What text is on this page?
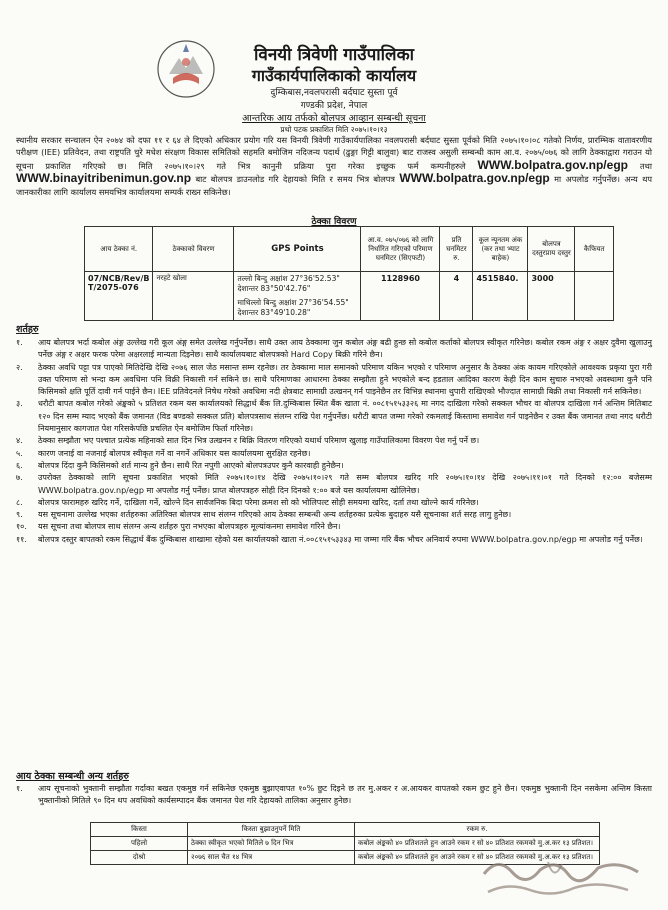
विनयी त्रिवेणी गाउँपालिका
गाउँकार्यपालिकाको कार्यालय
दुम्किबास,नवलपरासी बर्दघाट सुस्ता पूर्व
गण्डकी प्रदेश, नेपाल
आन्तरिक आय तर्फको बोलपत्र आव्हान सम्बन्धी सूचना
प्रथो पटक प्रकाशित मिति २०७५।१०।१३
स्थानीय सरकार सन्चालन ऐन २०७४ को दफा ११ र ६४ ले दिएको अधिकार प्रयोग गरि यस विनयी त्रिवेणी गाउँकार्यपालिका नवलपरासी बर्दघाट सुस्ता पूर्वको मिति २०७५।१०।०८ गतेको निर्णय, प्रारम्भिक वातावरणीय परीक्षण (IEE) प्रतिवेदन, तथा राष्ट्रपति चुरे मधेश संरक्षण विकास समितिको सहमति बमोजिम नदिजन्य पदार्थ (ढुङ्गा गिट्टी बालुवा) बाट राजस्व असुली सम्बन्धी काम आ.व. २०७५/०७६ को लागि ठेक्काद्वारा गराउन यो सूचना प्रकाशित गरिएको छ। मिति २०७५।१०।२९ गते भित्र कानुनी प्रक्रिया पुरा गरेका इच्छुक फर्म कम्पनीहरुले WWW.bolpatra.gov.np/egp तथा WWW.binayitribenimun.gov.np बाट बोलपत्र डाउनलोड गरि देहायको मिति र समय भित्र बोलपत्र WWW.bolpatra.gov.np/egp मा अपलोड गर्नुपर्नेछ। अन्य थप जानकारीका लागि कार्यालय समयभित्र कार्यालयमा सम्पर्क राख्न सकिनेछ।
ठेक्का विवरण
आय ठेक्का नं.	ठेक्काको विवरण	GPS Points	आ.व. ०७५/०७६ को लागि निर्धारित गरिएको परिमाण घनमिटर (सिएफटी)	प्रति घनमिटर रु.	कूल न्यूनतम अंक (कर तथा भ्याट बाहेक)	बोलपत्र दस्तुरप्राय दस्तुर	कैफियत
07/NCB/Rev/B T/2075-076	नरहटे खोला	तल्लो बिन्दु अक्षांश 27°36'52.53" देशान्तर 83°50'42.76"
माथिल्लो बिन्दु अक्षांश 27°36'54.55" देशान्तर 83°49'10.28"	1128960	4	4515840.	3000	
शर्तहरु
१.	आय बोलपत्र भर्दा कबोल अंङ्ग उल्लेख गरी कूल अंङ्ग समेत उल्लेख गर्नुपर्नेछ। साथै उक्त आय ठेक्कामा जुन कबोल अंङ्ग बढी हुन्छ सो कबोल कर्ताको बोलपत्र स्वीकृत गरिनेछ। कबोल रकम अंङ्ग र अक्षर दुवैमा खुलाउनु पर्नेछ अंङ्ग र अक्षर फरक परेमा अक्षरलाई मान्यता दिइनेछ। साथै कार्यालयबाट बोलपत्रको Hard Copy बिक्री गरिने छैन।
२.	ठेक्का अवधि पट्टा पत्र पाएको मितिदेखि देखि २०७६ साल जेठ मसान्त सम्म रहनेछ। तर ठेक्कामा माल समानको परिमाण यकिन भएको र परिमाण अनुसार कै ठेक्का अंक कायम गरिएकोले आवश्यक प्रकृया पुरा गरी उक्त परिमाण सो भन्दा कम अवधिमा पनि विक्री निकासी गर्न सकिने छ। साथै परिमाणका आधारमा ठेक्का सम्झौता हुने भएकोले बन्द हडताल आदिका कारण केही दिन काम सुचारु नभएको अवस्थामा कुनै पनि किसिमको क्षति पूर्ति दावी गर्न पाईने छैन। IEE प्रतिवेदनले निषेध गरेको अवधिमा नदी क्षेत्रबाट सामाग्री उत्खनन् गर्न पाइनेछैन तर विभिन्न स्थानमा थुपारी राखिएको भौज्दात सामाग्री बिक्री तथा निकासी गर्न सकिनेछ।
३.	धरौटी बापत कबोल गरेको अंङ्कको ५ प्रतिशत रकम यस कार्यालयको सिद्धार्थ बैंक लि.दुम्किबास स्थित बैंक खाता नं. ००८१५१५३३२६ मा नगद दाखिला गरेको सक्कल भौचर वा बोलपत्र दाखिला गर्न अन्तिम मितिबाट १२० दिन सम्म म्याद भएको बैंक जमानत (विड बण्डको सक्कल प्रति) बोलपत्रसाथ संलग्न राखि पेश गर्नुपर्नेछ। धरौटी बापत जम्मा गरेको रकमलाई किस्तामा समावेश गर्न पाइनेछैन र उक्त बैंक जमानत तथा नगद धरौटी नियमानुसार कागजात पेश गरिसकेपछि प्रचलित ऐन बमोजिम फिर्ता गरिनेछ।
४.	ठेक्का सम्झौता भए पश्चात प्रत्येक महिनाको सात दिन भित्र उत्खनन र बिक्रि वितरण गरिएको यथार्थ परिमाण खुलाइ गाउँपालिकामा विवरण पेश गर्नु पर्ने छ।
५.	कारण जनाई वा नजनाई बोलपत्र स्वीकृत गर्ने वा नगर्ने अधिकार यस कार्यालयमा सुरक्षित रहनेछ।
६.	बोलपत्र दिंदा कुनै किसिमको शर्त मान्य हुने छैन। साथै रित नपुगी आएको बोलपत्रउपर कुनै कारवाही हुनेछैन।
७.	उपरोक्त ठेक्काको लागि सूचना प्रकाशित भएको मिति २०७५।१०।१४ देखि २०७५।१०।२९ गते सम्म बोलपत्र खरिद गरि २०७५।१०।१४ देखि २०७५।११।०१ गते दिनको १२:०० बजेसम्म WWW.bolpatra.gov.np/egp मा अपलोड गर्नु पर्नेछ। प्राप्त बोलपत्रहरु सोही दिन दिनको १:०० बजे यस कार्यालयमा खोलिनेछ।
८.	बोलपत्र फारामहरु खरिद गर्ने, दाखिला गर्ने, खोल्ने दिन सार्वजनिक बिदा परेमा क्रमश सो को भोलिपल्ट सोही समयमा खरिद, दर्ता तथा खोल्ने कार्य गरिनेछ।
९.	यस सूचनामा उल्लेख भएका शर्तहरुका अतिरिक्त बोलपत्र साथ संलग्न गरिएको आय ठेक्का सम्बन्धी अन्य शर्तहरुका प्रत्येक बुदाहरु यसै सूचनाका शर्त सरह लागु हुनेछ।
१०.	यस सूचना तथा बोलपत्र साथ संलग्न अन्य शर्तहरु पुरा नभएका बोलपत्रहरु मूल्यांकनमा समावेश गरिने छैन।
११.	बोलपत्र दस्तुर बापतको रकम सिद्धार्थ बैंक दुम्किबास शाखामा रहेको यस कार्यालयको खाता नं.००८१५१५३३४३ मा जम्मा गरि बैंक भौचर अनिवार्य रुपमा WWW.bolpatra.gov.np/egp मा अपलोड गर्नु पर्नेछ।
आय ठेक्का सम्बन्धी अन्य शर्तहरु
१.	आय सूचनाको भुक्तानी सम्झौता गर्दाका बखत एकमुष्ठ गर्न सकिनेछ एकमुष्ठ बुझाएवापत १०% छुट दिइने छ तर मु.अकर र अ.आयकर वापतको रकम छुट हुने छैन। एकमुष्ठ भुक्तानी दिन नसकेमा अन्तिम किस्ता भुक्तानीको मितिले ९० दिन थप अवधिको कार्यसम्पादन बैंक जमानत पेश गरि देहायको तालिका अनुसार हुनेछ।
किस्ता	किस्ता बुझाउनुपर्ने मिति	रकम रु.
पहिलो	ठेक्का स्वीकृत भएको मितिले ७ दिन भित्र	कबोल अंङ्कको ४० प्रतिशतले हुन आउने रकम र सो ४० प्रतिशत रकमको मु.अ.कर १३ प्रतिशत।
दोश्रो	२०७६ साल चैत १४ भित्र	कबोल अंङ्कको ४० प्रतिशतले हुन आउने रकम र सो ४० प्रतिशत रकमको मु.अ.कर १३ प्रतिशत।
